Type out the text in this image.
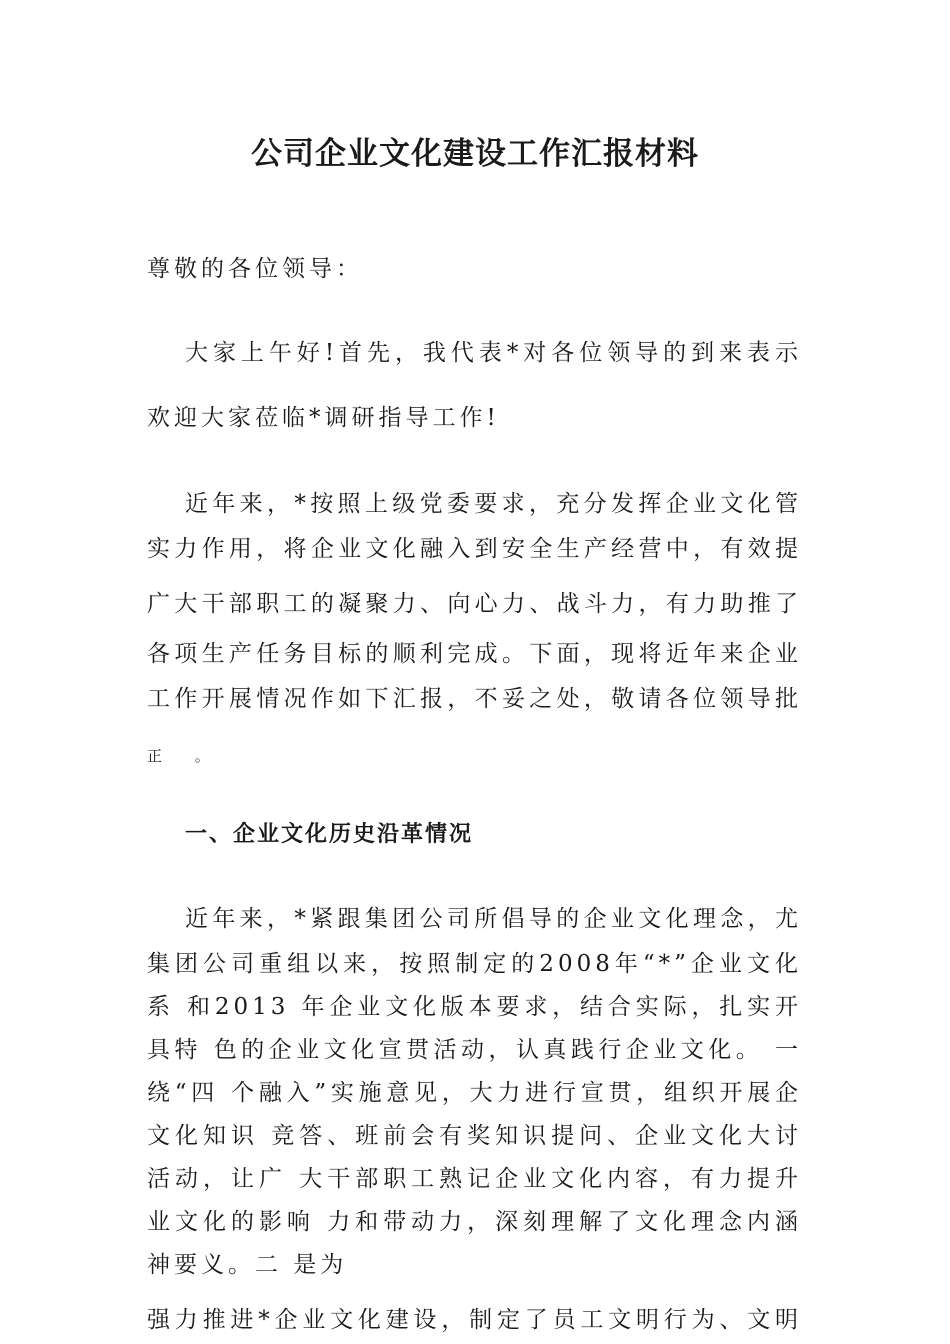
公司企业文化建设工作汇报材料
尊敬的各位领导：
大家上午好!首先，我代表*对各位领导的到来表示
欢迎大家莅临*调研指导工作!
近年来，*按照上级党委要求，充分发挥企业文化管
实力作用，将企业文化融入到安全生产经营中，有效提
广大干部职工的凝聚力、向心力、战斗力，有力助推了
各项生产任务目标的顺利完成。下面，现将近年来企业
工作开展情况作如下汇报，不妥之处，敬请各位领导批
正 。
一、企业文化历史沿革情况
近年来，*紧跟集团公司所倡导的企业文化理念，尤
集团公司重组以来，按照制定的2008年“*”企业文化
系 和2013 年企业文化版本要求，结合实际，扎实开
具特 色的企业文化宣贯活动，认真践行企业文化。 一
绕“四 个融入”实施意见，大力进行宣贯，组织开展企
文化知识 竞答、班前会有奖知识提问、企业文化大讨
活动，让广 大干部职工熟记企业文化内容，有力提升
业文化的影响 力和带动力，深刻理解了文化理念内涵
神要义。二 是为
强力推进*企业文化建设，制定了员工文明行为、文明
